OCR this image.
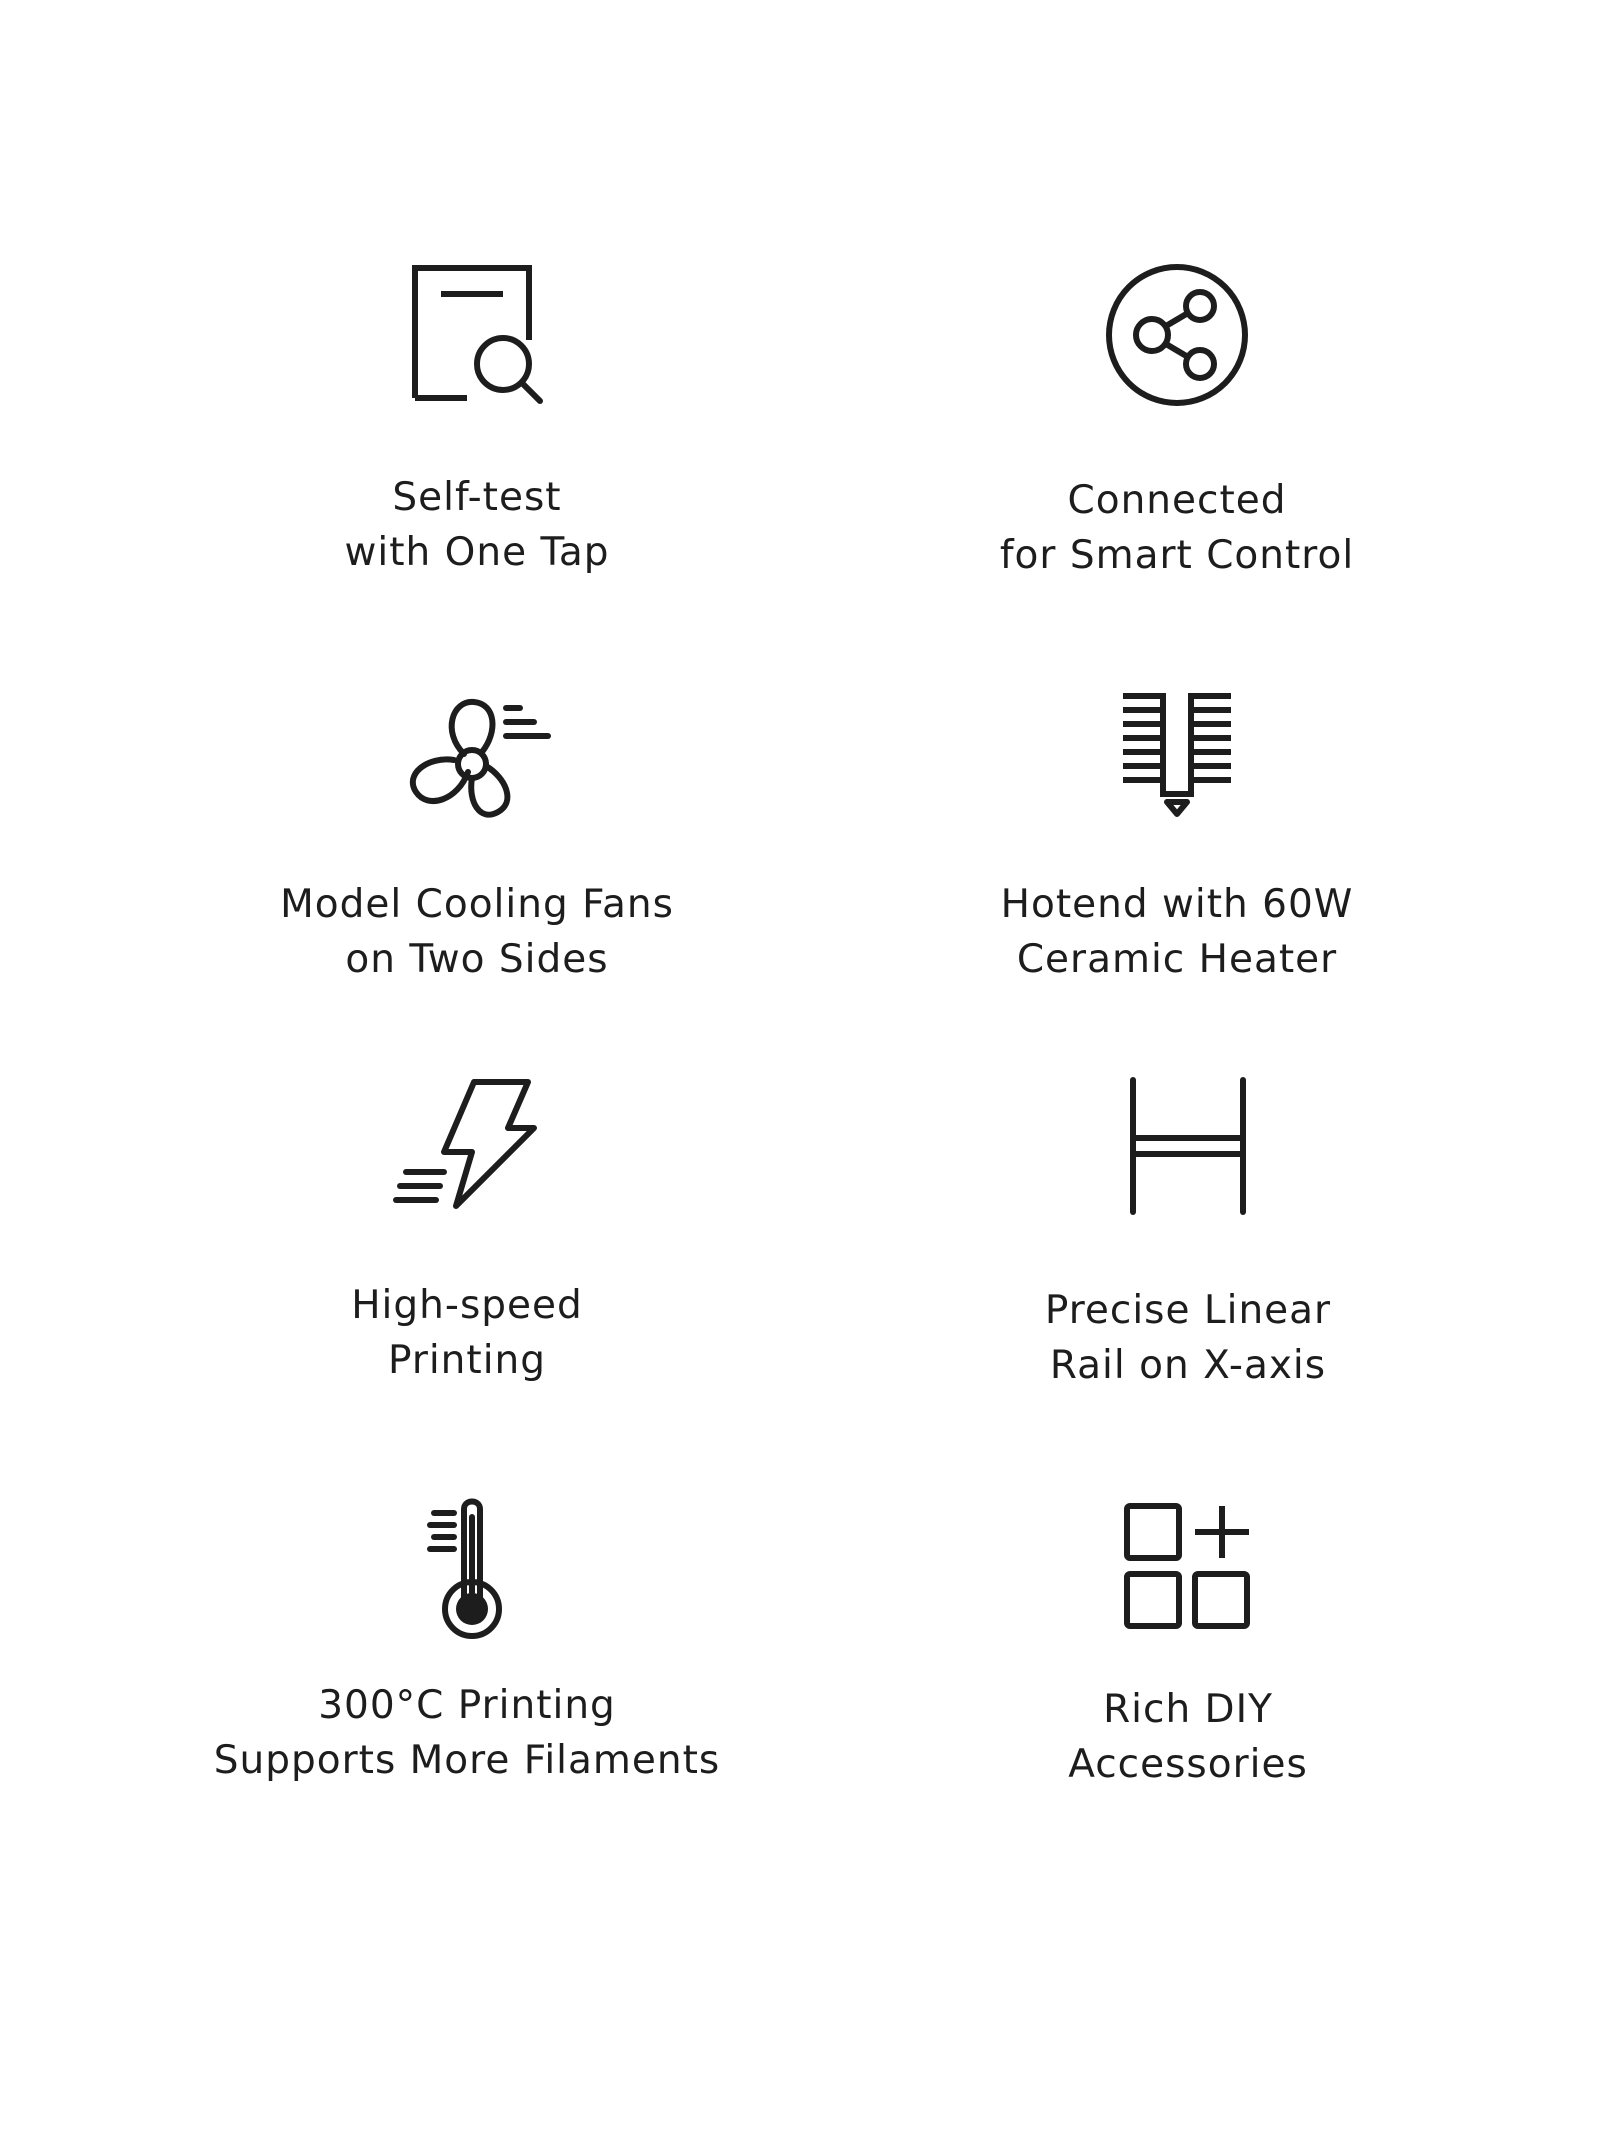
Self-test
with One Tap
Connected
for Smart Control
Model Cooling Fans
on Two Sides
Hotend with 60W
Ceramic Heater
High-speed
Printing
Precise Linear
Rail on X-axis
300°C Printing
Supports More Filaments
Rich DIY
Accessories
